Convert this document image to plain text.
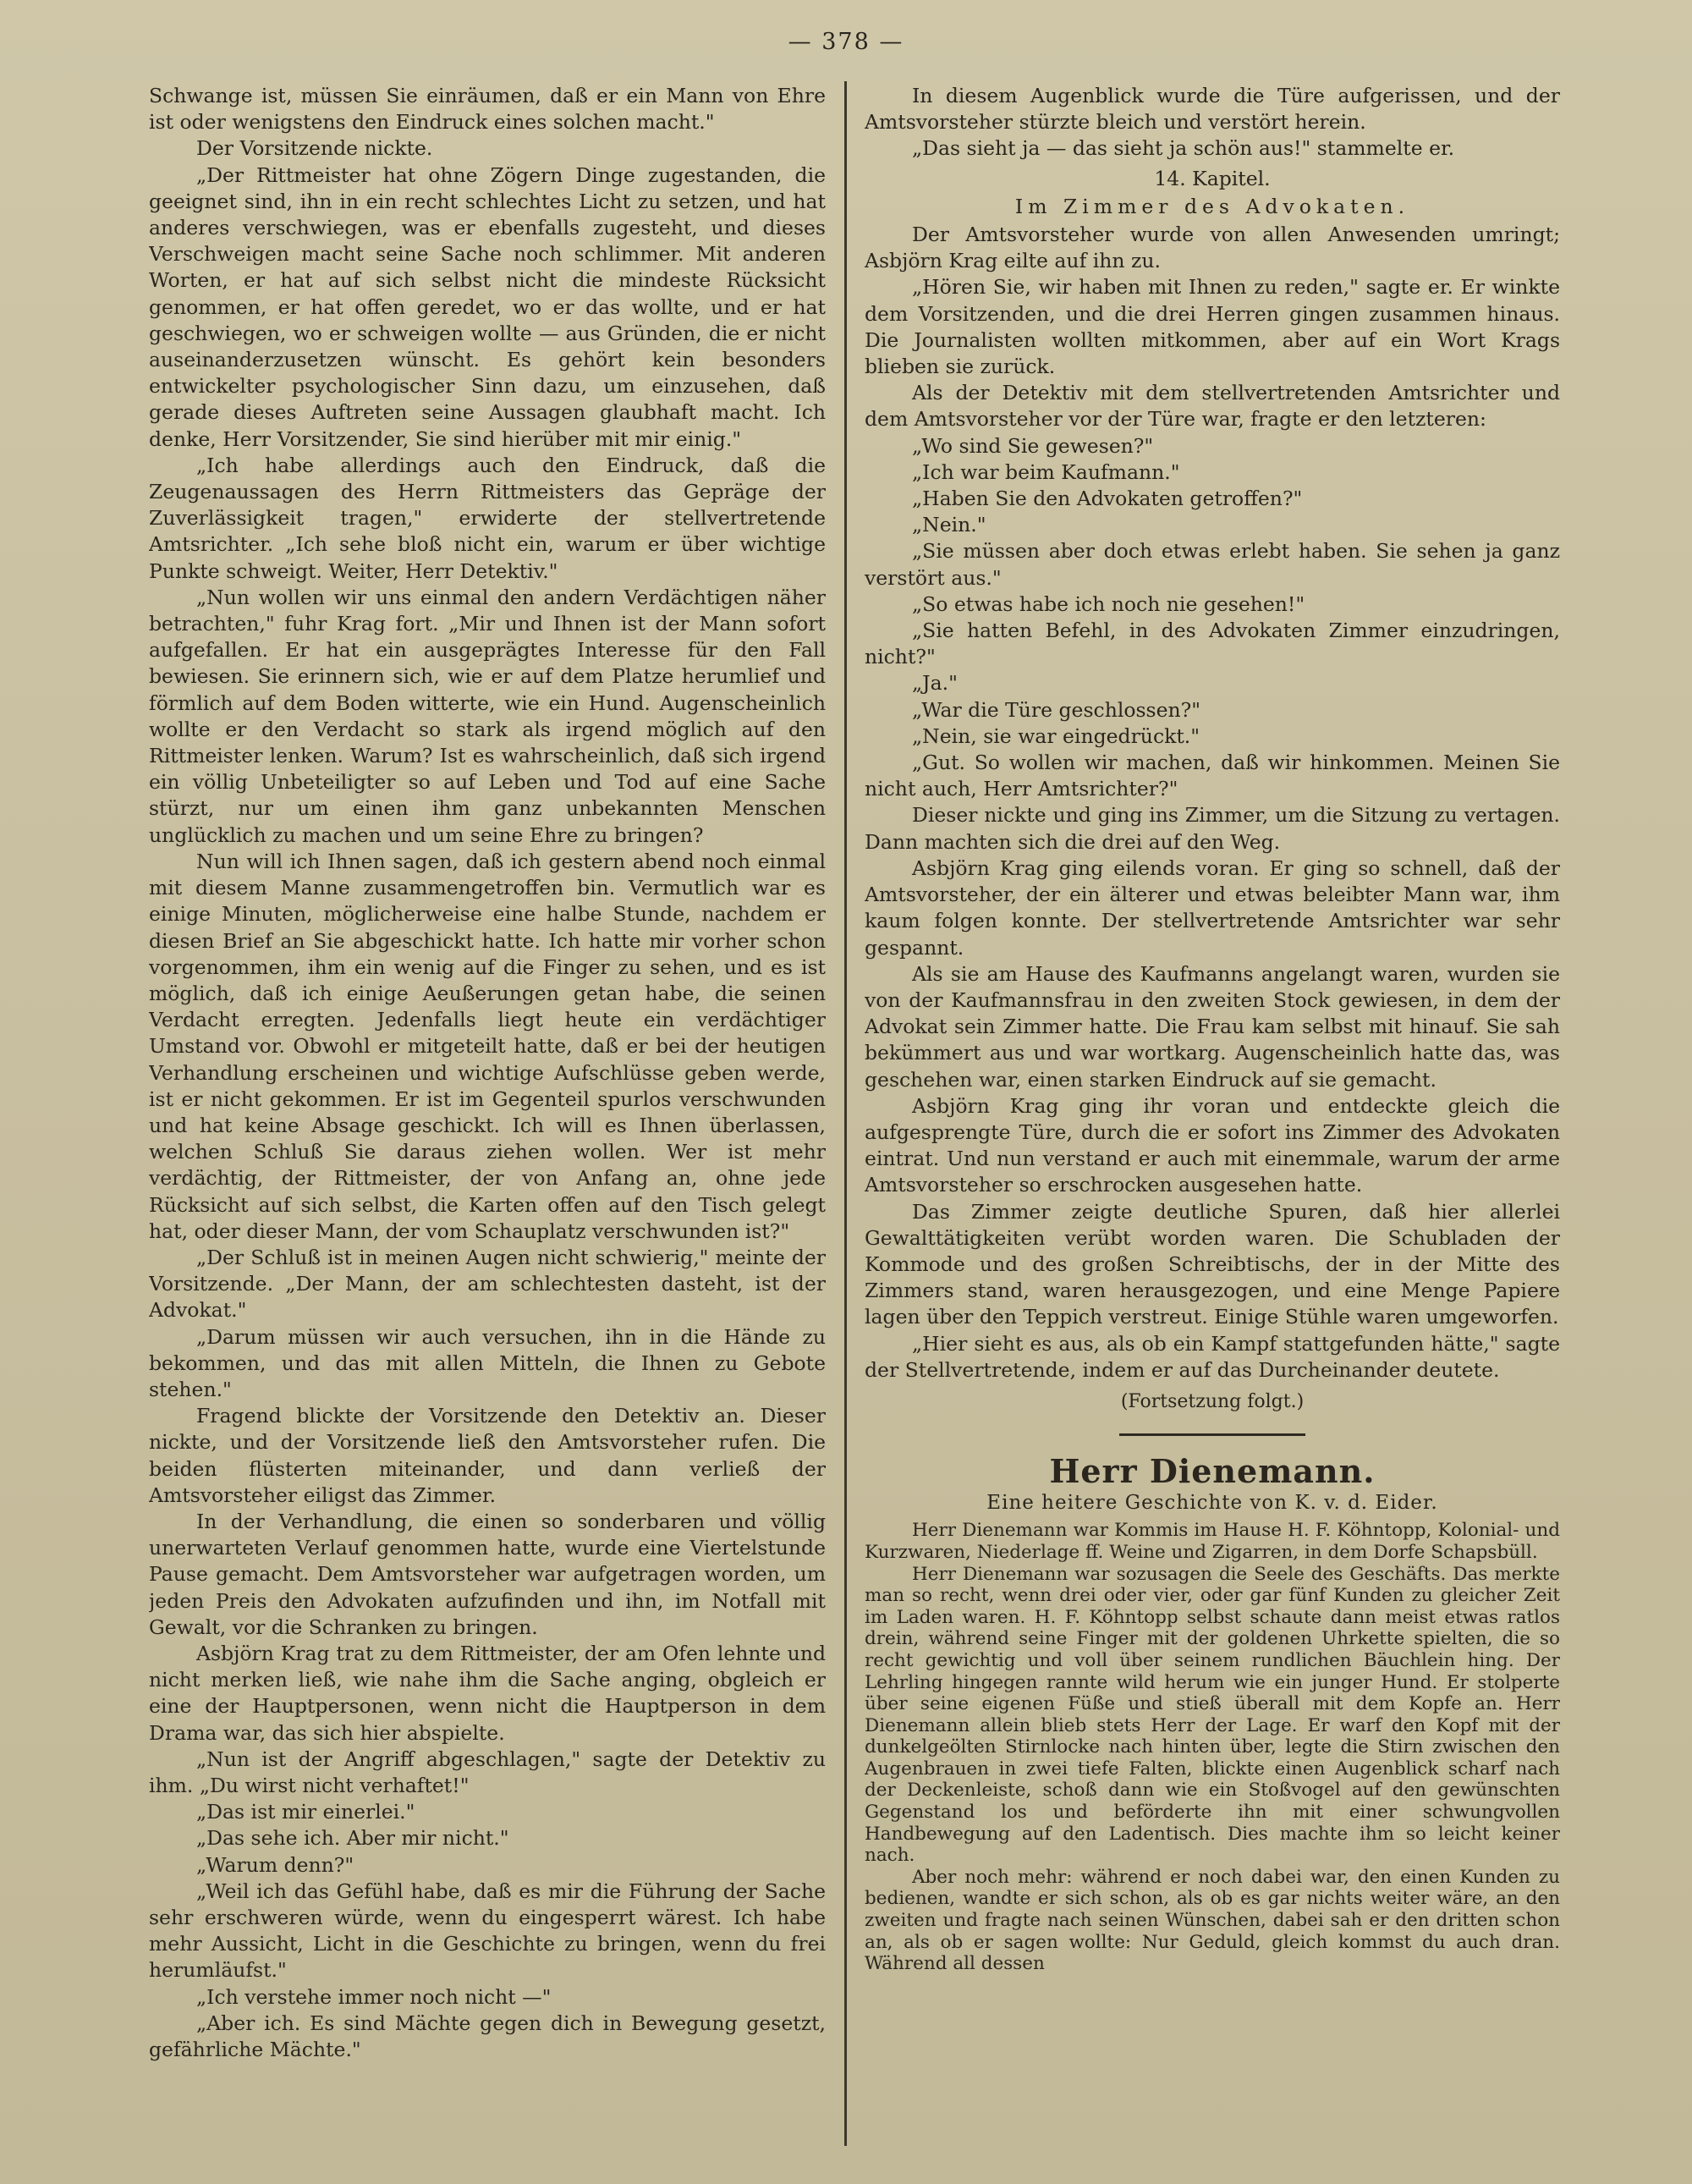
— 378 —

Schwange ist, müssen Sie einräumen, daß er ein Mann von Ehre ist oder wenigstens den Eindruck eines solchen macht."

Der Vorsitzende nickte.

„Der Rittmeister hat ohne Zögern Dinge zugestanden, die geeignet sind, ihn in ein recht schlechtes Licht zu setzen, und hat anderes verschwiegen, was er ebenfalls zugesteht, und dieses Verschweigen macht seine Sache noch schlimmer. Mit anderen Worten, er hat auf sich selbst nicht die mindeste Rücksicht genommen, er hat offen geredet, wo er das wollte, und er hat geschwiegen, wo er schweigen wollte — aus Gründen, die er nicht auseinanderzusetzen wünscht. Es gehört kein besonders entwickelter psychologischer Sinn dazu, um einzusehen, daß gerade dieses Auftreten seine Aussagen glaubhaft macht. Ich denke, Herr Vorsitzender, Sie sind hierüber mit mir einig."

„Ich habe allerdings auch den Eindruck, daß die Zeugenaussagen des Herrn Rittmeisters das Gepräge der Zuverlässigkeit tragen," erwiderte der stellvertretende Amtsrichter. „Ich sehe bloß nicht ein, warum er über wichtige Punkte schweigt. Weiter, Herr Detektiv."

„Nun wollen wir uns einmal den andern Verdächtigen näher betrachten," fuhr Krag fort. „Mir und Ihnen ist der Mann sofort aufgefallen. Er hat ein ausgeprägtes Interesse für den Fall bewiesen. Sie erinnern sich, wie er auf dem Platze herumlief und förmlich auf dem Boden witterte, wie ein Hund. Augenscheinlich wollte er den Verdacht so stark als irgend möglich auf den Rittmeister lenken. Warum? Ist es wahrscheinlich, daß sich irgend ein völlig Unbeteiligter so auf Leben und Tod auf eine Sache stürzt, nur um einen ihm ganz unbekannten Menschen unglücklich zu machen und um seine Ehre zu bringen?

Nun will ich Ihnen sagen, daß ich gestern abend noch einmal mit diesem Manne zusammengetroffen bin. Vermutlich war es einige Minuten, möglicherweise eine halbe Stunde, nachdem er diesen Brief an Sie abgeschickt hatte. Ich hatte mir vorher schon vorgenommen, ihm ein wenig auf die Finger zu sehen, und es ist möglich, daß ich einige Aeußerungen getan habe, die seinen Verdacht erregten. Jedenfalls liegt heute ein verdächtiger Umstand vor. Obwohl er mitgeteilt hatte, daß er bei der heutigen Verhandlung erscheinen und wichtige Aufschlüsse geben werde, ist er nicht gekommen. Er ist im Gegenteil spurlos verschwunden und hat keine Absage geschickt. Ich will es Ihnen überlassen, welchen Schluß Sie daraus ziehen wollen. Wer ist mehr verdächtig, der Rittmeister, der von Anfang an, ohne jede Rücksicht auf sich selbst, die Karten offen auf den Tisch gelegt hat, oder dieser Mann, der vom Schauplatz verschwunden ist?"

„Der Schluß ist in meinen Augen nicht schwierig," meinte der Vorsitzende. „Der Mann, der am schlechtesten dasteht, ist der Advokat."

„Darum müssen wir auch versuchen, ihn in die Hände zu bekommen, und das mit allen Mitteln, die Ihnen zu Gebote stehen."

Fragend blickte der Vorsitzende den Detektiv an. Dieser nickte, und der Vorsitzende ließ den Amtsvorsteher rufen. Die beiden flüsterten miteinander, und dann verließ der Amtsvorsteher eiligst das Zimmer.

In der Verhandlung, die einen so sonderbaren und völlig unerwarteten Verlauf genommen hatte, wurde eine Viertelstunde Pause gemacht. Dem Amtsvorsteher war aufgetragen worden, um jeden Preis den Advokaten aufzufinden und ihn, im Notfall mit Gewalt, vor die Schranken zu bringen.

Asbjörn Krag trat zu dem Rittmeister, der am Ofen lehnte und nicht merken ließ, wie nahe ihm die Sache anging, obgleich er eine der Hauptpersonen, wenn nicht die Hauptperson in dem Drama war, das sich hier abspielte.

„Nun ist der Angriff abgeschlagen," sagte der Detektiv zu ihm. „Du wirst nicht verhaftet!"

„Das ist mir einerlei."

„Das sehe ich. Aber mir nicht."

„Warum denn?"

„Weil ich das Gefühl habe, daß es mir die Führung der Sache sehr erschweren würde, wenn du eingesperrt wärest. Ich habe mehr Aussicht, Licht in die Geschichte zu bringen, wenn du frei herumläufst."

„Ich verstehe immer noch nicht —"

„Aber ich. Es sind Mächte gegen dich in Bewegung gesetzt, gefährliche Mächte."

In diesem Augenblick wurde die Türe aufgerissen, und der Amtsvorsteher stürzte bleich und verstört herein.

„Das sieht ja — das sieht ja schön aus!" stammelte er.

14. Kapitel.

Im Zimmer des Advokaten.

Der Amtsvorsteher wurde von allen Anwesenden umringt; Asbjörn Krag eilte auf ihn zu.

„Hören Sie, wir haben mit Ihnen zu reden," sagte er. Er winkte dem Vorsitzenden, und die drei Herren gingen zusammen hinaus. Die Journalisten wollten mitkommen, aber auf ein Wort Krags blieben sie zurück.

Als der Detektiv mit dem stellvertretenden Amtsrichter und dem Amtsvorsteher vor der Türe war, fragte er den letzteren:

„Wo sind Sie gewesen?"

„Ich war beim Kaufmann."

„Haben Sie den Advokaten getroffen?"

„Nein."

„Sie müssen aber doch etwas erlebt haben. Sie sehen ja ganz verstört aus."

„So etwas habe ich noch nie gesehen!"

„Sie hatten Befehl, in des Advokaten Zimmer einzudringen, nicht?"

„Ja."

„War die Türe geschlossen?"

„Nein, sie war eingedrückt."

„Gut. So wollen wir machen, daß wir hinkommen. Meinen Sie nicht auch, Herr Amtsrichter?"

Dieser nickte und ging ins Zimmer, um die Sitzung zu vertagen. Dann machten sich die drei auf den Weg.

Asbjörn Krag ging eilends voran. Er ging so schnell, daß der Amtsvorsteher, der ein älterer und etwas beleibter Mann war, ihm kaum folgen konnte. Der stellvertretende Amtsrichter war sehr gespannt.

Als sie am Hause des Kaufmanns angelangt waren, wurden sie von der Kaufmannsfrau in den zweiten Stock gewiesen, in dem der Advokat sein Zimmer hatte. Die Frau kam selbst mit hinauf. Sie sah bekümmert aus und war wortkarg. Augenscheinlich hatte das, was geschehen war, einen starken Eindruck auf sie gemacht.

Asbjörn Krag ging ihr voran und entdeckte gleich die aufgesprengte Türe, durch die er sofort ins Zimmer des Advokaten eintrat. Und nun verstand er auch mit einemmale, warum der arme Amtsvorsteher so erschrocken ausgesehen hatte.

Das Zimmer zeigte deutliche Spuren, daß hier allerlei Gewalttätigkeiten verübt worden waren. Die Schubladen der Kommode und des großen Schreibtischs, der in der Mitte des Zimmers stand, waren herausgezogen, und eine Menge Papiere lagen über den Teppich verstreut. Einige Stühle waren umgeworfen.

„Hier sieht es aus, als ob ein Kampf stattgefunden hätte," sagte der Stellvertretende, indem er auf das Durcheinander deutete.

(Fortsetzung folgt.)

Herr Dienemann.

Eine heitere Geschichte von K. v. d. Eider.

Herr Dienemann war Kommis im Hause H. F. Köhntopp, Kolonial- und Kurzwaren, Niederlage ff. Weine und Zigarren, in dem Dorfe Schapsbüll.

Herr Dienemann war sozusagen die Seele des Geschäfts. Das merkte man so recht, wenn drei oder vier, oder gar fünf Kunden zu gleicher Zeit im Laden waren. H. F. Köhntopp selbst schaute dann meist etwas ratlos drein, während seine Finger mit der goldenen Uhrkette spielten, die so recht gewichtig und voll über seinem rundlichen Bäuchlein hing. Der Lehrling hingegen rannte wild herum wie ein junger Hund. Er stolperte über seine eigenen Füße und stieß überall mit dem Kopfe an. Herr Dienemann allein blieb stets Herr der Lage. Er warf den Kopf mit der dunkelgeölten Stirnlocke nach hinten über, legte die Stirn zwischen den Augenbrauen in zwei tiefe Falten, blickte einen Augenblick scharf nach der Deckenleiste, schoß dann wie ein Stoßvogel auf den gewünschten Gegenstand los und beförderte ihn mit einer schwungvollen Handbewegung auf den Ladentisch. Dies machte ihm so leicht keiner nach.

Aber noch mehr: während er noch dabei war, den einen Kunden zu bedienen, wandte er sich schon, als ob es gar nichts weiter wäre, an den zweiten und fragte nach seinen Wünschen, dabei sah er den dritten schon an, als ob er sagen wollte: Nur Geduld, gleich kommst du auch dran. Während all dessen
